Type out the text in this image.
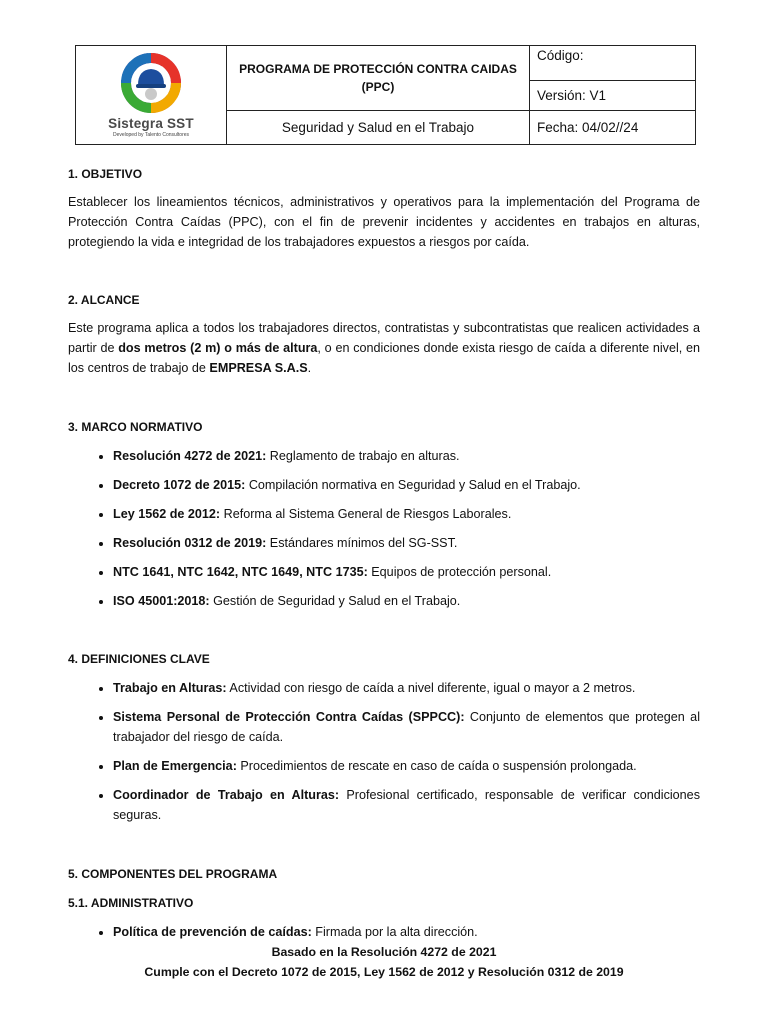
Sistegra SST
Developed by Talento Consultores	PROGRAMA DE PROTECCIÓN CONTRA CAIDAS (PPC)	Código:
		Versión: V1
	Seguridad y Salud en el Trabajo	Fecha: 04/02//24
1. OBJETIVO

Establecer los lineamientos técnicos, administrativos y operativos para la implementación del Programa de Protección Contra Caídas (PPC), con el fin de prevenir incidentes y accidentes en trabajos en alturas, protegiendo la vida e integridad de los trabajadores expuestos a riesgos por caída.

2. ALCANCE

Este programa aplica a todos los trabajadores directos, contratistas y subcontratistas que realicen actividades a partir de dos metros (2 m) o más de altura, o en condiciones donde exista riesgo de caída a diferente nivel, en los centros de trabajo de EMPRESA S.A.S.

3. MARCO NORMATIVO
• Resolución 4272 de 2021: Reglamento de trabajo en alturas.
• Decreto 1072 de 2015: Compilación normativa en Seguridad y Salud en el Trabajo.
• Ley 1562 de 2012: Reforma al Sistema General de Riesgos Laborales.
• Resolución 0312 de 2019: Estándares mínimos del SG-SST.
• NTC 1641, NTC 1642, NTC 1649, NTC 1735: Equipos de protección personal.
• ISO 45001:2018: Gestión de Seguridad y Salud en el Trabajo.
4. DEFINICIONES CLAVE
• Trabajo en Alturas: Actividad con riesgo de caída a nivel diferente, igual o mayor a 2 metros.
• Sistema Personal de Protección Contra Caídas (SPPCC): Conjunto de elementos que protegen al trabajador del riesgo de caída.
• Plan de Emergencia: Procedimientos de rescate en caso de caída o suspensión prolongada.
• Coordinador de Trabajo en Alturas: Profesional certificado, responsable de verificar condiciones seguras.
5. COMPONENTES DEL PROGRAMA
5.1. ADMINISTRATIVO
• Política de prevención de caídas: Firmada por la alta dirección.
Basado en la Resolución 4272 de 2021
Cumple con el Decreto 1072 de 2015, Ley 1562 de 2012 y Resolución 0312 de 2019
